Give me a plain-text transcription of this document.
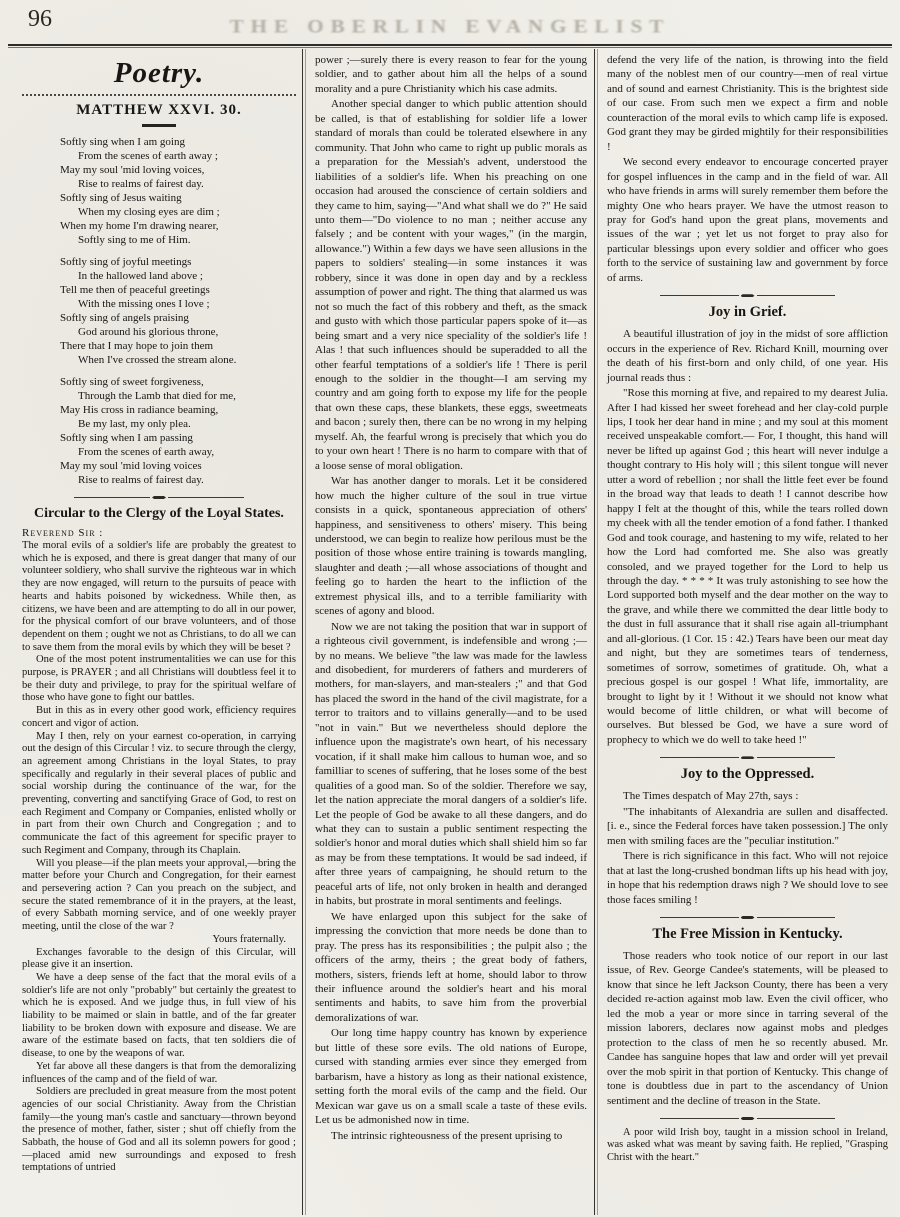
96	THE OBERLIN EVANGELIST
Poetry.
MATTHEW XXVI. 30.
Softly sing when I am going
From the scenes of earth away ;
May my soul 'mid loving voices,
Rise to realms of fairest day.
Softly sing of Jesus waiting
When my closing eyes are dim ;
When my home I'm drawing nearer,
Softly sing to me of Him.
Softly sing of joyful meetings
In the hallowed land above ;
Tell me then of peaceful greetings
With the missing ones I love ;
Softly sing of angels praising
God around his glorious throne,
There that I may hope to join them
When I've crossed the stream alone.
Softly sing of sweet forgiveness,
Through the Lamb that died for me,
May His cross in radiance beaming,
Be my last, my only plea.
Softly sing when I am passing
From the scenes of earth away,
May my soul 'mid loving voices
Rise to realms of fairest day.
Circular to the Clergy of the Loyal States.
Reverend Sir :

The moral evils of a soldier's life are probably the greatest to which he is exposed, and there is great danger that many of our volunteer soldiery, who shall survive the righteous war in which they are now engaged, will return to the pursuits of peace with hearts and habits poisoned by wickedness. While then, as citizens, we have been and are attempting to do all in our power, for the physical comfort of our brave volunteers, and of those dependent on them ; ought we not as Christians, to do all we can to save them from the moral evils by which they will be beset ?

One of the most potent instrumentalities we can use for this purpose, is PRAYER ; and all Christians will doubtless feel it to be their duty and privilege, to pray for the spiritual welfare of those who have gone to fight our battles.

But in this as in every other good work, efficiency requires concert and vigor of action.

May I then, rely on your earnest co-operation, in carrying out the design of this Circular ! viz. to secure through the clergy, an agreement among Christians in the loyal States, to pray specifically and regularly in their several places of public and social worship during the continuance of the war, for the preventing, converting and sanctifying Grace of God, to rest on each Regiment and Company or Companies, enlisted wholly or in part from their own Church and Congregation ; and to communicate the fact of this agreement for specific prayer to such Regiment and Company, through its Chaplain.

Will you please—if the plan meets your approval,—bring the matter before your Church and Congregation, for their earnest and persevering action ? Can you preach on the subject, and secure the stated remembrance of it in the prayers, at the least, of every Sabbath morning service, and of one weekly prayer meeting, until the close of the war ?

Yours fraternally.

Exchanges favorable to the design of this Circular, will please give it an insertion.

We have a deep sense of the fact that the moral evils of a soldier's life are not only "probably" but certainly the greatest to which he is exposed. And we judge thus, in full view of his liability to be maimed or slain in battle, and of the far greater liability to be broken down with exposure and disease. We are aware of the estimate based on facts, that ten soldiers die of disease, to one by the weapons of war.

Yet far above all these dangers is that from the demoralizing influences of the camp and of the field of war.

Soldiers are precluded in great measure from the most potent agencies of our social Christianity. Away from the Christian family—the young man's castle and sanctuary—thrown beyond the presence of mother, father, sister ; shut off chiefly from the Sabbath, the house of God and all its solemn powers for good ;—placed amid new surroundings and exposed to fresh temptations of untried

power ;—surely there is every reason to fear for the young soldier, and to gather about him all the helps of a sound morality and a pure Christianity which his case admits.

Another special danger to which public attention should be called, is that of establishing for soldier life a lower standard of morals than could be tolerated elsewhere in any community. That John who came to right up public morals as a preparation for the Messiah's advent, understood the liabilities of a soldier's life. When his preaching on one occasion had aroused the conscience of certain soldiers and they came to him, saying—"And what shall we do ?" He said unto them—"Do violence to no man ; neither accuse any falsely ; and be content with your wages," (in the margin, allowance.") Within a few days we have seen allusions in the papers to soldiers' stealing—in some instances it was robbery, since it was done in open day and by a reckless assumption of power and right. The thing that alarmed us was not so much the fact of this robbery and theft, as the smack and gusto with which those particular papers spoke of it—as being smart and a very nice speciality of the soldier's life ! Alas ! that such influences should be superadded to all the other fearful temptations of a soldier's life ! There is peril enough to the soldier in the thought—I am serving my country and am going forth to expose my life for the people that own these caps, these blankets, these eggs, sweetmeats and bacon ; surely then, there can be no wrong in my helping myself. Ah, the fearful wrong is precisely that which you do to your own heart ! There is no harm to compare with that of a loose sense of moral obligation.

War has another danger to morals. Let it be considered how much the higher culture of the soul in true virtue consists in a quick, spontaneous appreciation of others' happiness, and sensitiveness to others' misery. This being understood, we can begin to realize how perilous must be the position of those whose entire training is towards mangling, slaughter and death ;—all whose associations of thought and feeling go to harden the heart to the infliction of the extremest physical ills, and to a terrible familiarity with scenes of agony and blood.

Now we are not taking the position that war in support of a righteous civil government, is indefensible and wrong ;—by no means. We believe "the law was made for the lawless and disobedient, for murderers of fathers and murderers of mothers, for man-slayers, and man-stealers ;" and that God has placed the sword in the hand of the civil magistrate, for a terror to traitors and to villains generally—and to be used "not in vain." But we nevertheless should deplore the influence upon the magistrate's own heart, of his necessary vocation, if it shall make him callous to human woe, and so familliar to scenes of suffering, that he loses some of the best qualities of a good man. So of the soldier. Therefore we say, let the nation appreciate the moral dangers of a soldier's life. Let the people of God be awake to all these dangers, and do what they can to sustain a public sentiment respecting the soldier's honor and moral duties which shall shield him so far as may be from these temptations. It would be sad indeed, if after three years of campaigning, he should return to the peaceful arts of life, not only broken in health and deranged in habits, but prostrate in moral sentiments and feelings.

We have enlarged upon this subject for the sake of impressing the conviction that more needs be done than to pray. The press has its responsibilities ; the pulpit also ; the officers of the army, theirs ; the great body of fathers, mothers, sisters, friends left at home, should labor to throw their influence around the soldier's heart and his moral sentiments and habits, to save him from the proverbial demoralizations of war.

Our long time happy country has known by experience but little of these sore evils. The old nations of Europe, cursed with standing armies ever since they emerged from barbarism, have a history as long as their national existence, setting forth the moral evils of the camp and the field. Our Mexican war gave us on a small scale a taste of these evils. Let us be admonished now in time.

The intrinsic righteousness of the present uprising to

defend the very life of the nation, is throwing into the field many of the noblest men of our country—men of real virtue and of sound and earnest Christianity. This is the brightest side of our case. From such men we expect a firm and noble counteraction of the moral evils to which camp life is exposed. God grant they may be girded mightily for their responsibilities !

We second every endeavor to encourage concerted prayer for gospel influences in the camp and in the field of war. All who have friends in arms will surely remember them before the mighty One who hears prayer. We have the utmost reason to pray for God's hand upon the great plans, movements and issues of the war ; yet let us not forget to pray also for particular blessings upon every soldier and officer who goes forth to the service of sustaining law and government by force of arms.

Joy in Grief.

A beautiful illustration of joy in the midst of sore affliction occurs in the experience of Rev. Richard Knill, mourning over the death of his first-born and only child, of one year. His journal reads thus :

"Rose this morning at five, and repaired to my dearest Julia. After I had kissed her sweet forehead and her clay-cold purple lips, I took her dear hand in mine ; and my soul at this moment received unspeakable comfort.— For, I thought, this hand will never be lifted up against God ; this heart will never indulge a thought contrary to His holy will ; this silent tongue will never utter a word of rebellion ; nor shall the little feet ever be found in the broad way that leads to death ! I cannot describe how happy I felt at the thought of this, while the tears rolled down my cheek with all the tender emotion of a fond father. I thanked God and took courage, and hastening to my wife, related to her how the Lord had comforted me. She also was greatly consoled, and we prayed together for the Lord to help us through the day. * * * * It was truly astonishing to see how the Lord supported both myself and the dear mother on the way to the grave, and while there we committed the dear little body to the dust in full assurance that it shall rise again all-triumphant and all-glorious. (1 Cor. 15 : 42.) Tears have been our meat day and night, but they are sometimes tears of tenderness, sometimes of sorrow, sometimes of gratitude. Oh, what a precious gospel is our gospel ! What life, immortality, are brought to light by it ! Without it we should not know what would become of little children, or what will become of ourselves. But blessed be God, we have a sure word of prophecy to which we do well to take heed !"

Joy to the Oppressed.

The Times despatch of May 27th, says :

"The inhabitants of Alexandria are sullen and disaffected. [i. e., since the Federal forces have taken possession.] The only men with smiling faces are the "peculiar institution."

There is rich significance in this fact. Who will not rejoice that at last the long-crushed bondman lifts up his head with joy, in hope that his redemption draws nigh ? We should love to see those faces smiling !

The Free Mission in Kentucky.

Those readers who took notice of our report in our last issue, of Rev. George Candee's statements, will be pleased to know that since he left Jackson County, there has been a very decided re-action against mob law. Even the civil officer, who led the mob a year or more since in tarring several of the mission laborers, declares now against mobs and pledges protection to the class of men he so recently abused. Mr. Candee has sanguine hopes that law and order will yet prevail over the mob spirit in that portion of Kentucky. This change of tone is doubtless due in part to the ascendancy of Union sentiment and the decline of treason in the State.

A poor wild Irish boy, taught in a mission school in Ireland, was asked what was meant by saving faith. He replied, "Grasping Christ with the heart."
